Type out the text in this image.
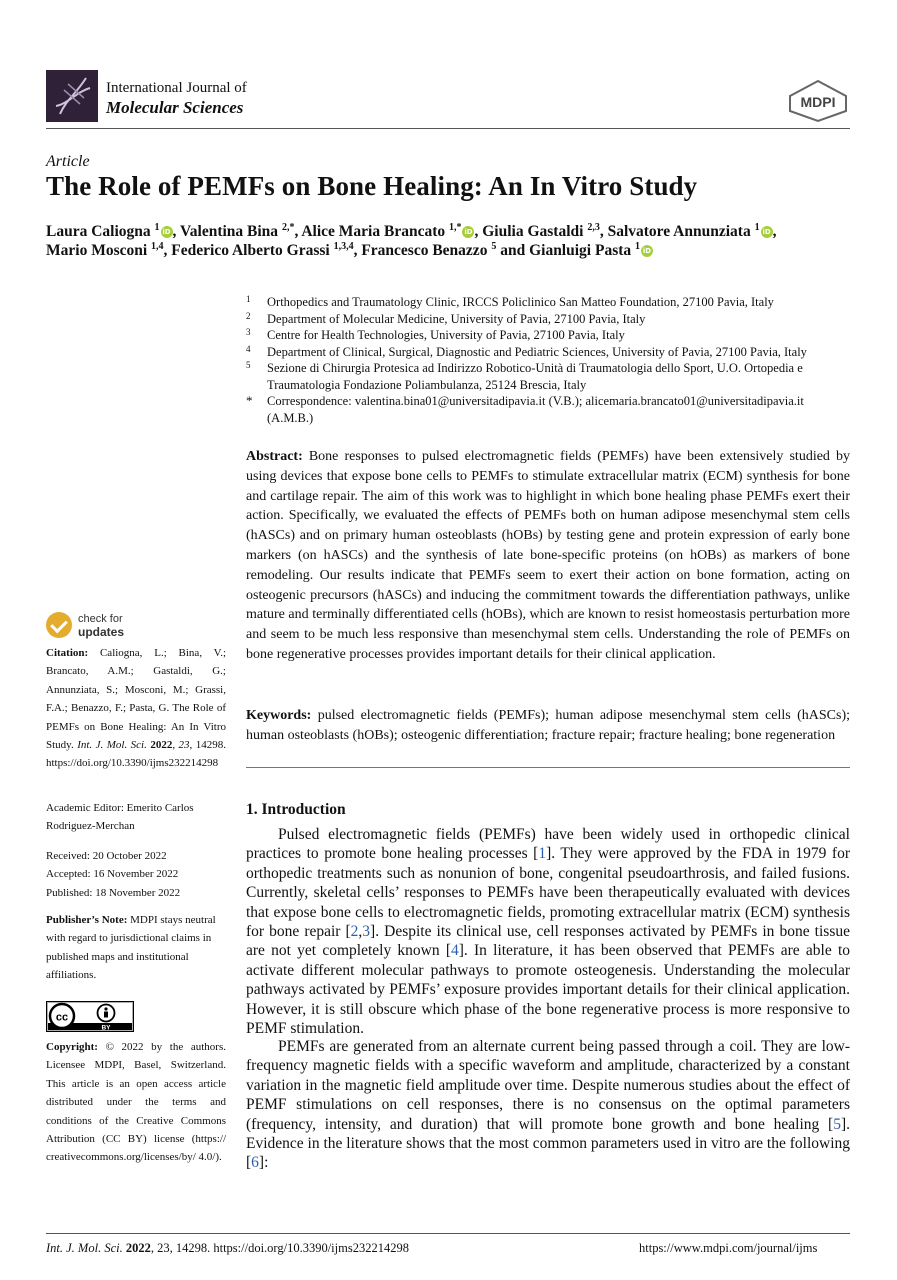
International Journal of
Molecular Sciences	MDPI
Article
The Role of PEMFs on Bone Healing: An In Vitro Study
Laura Caliogna $^1$ iD , Valentina Bina $^{2,*}$, Alice Maria Brancato $^{1,*}$ iD , Giulia Gastaldi $^{2,3}$, Salvatore Annunziata $^1$ iD ,
Mario Mosconi $^{1,4}$, Federico Alberto Grassi $^{1,3,4}$, Francesco Benazzo $^5$ and Gianluigi Pasta $^1$ iD
1 Orthopedics and Traumatology Clinic, IRCCS Policlinico San Matteo Foundation, 27100 Pavia, Italy
2 Department of Molecular Medicine, University of Pavia, 27100 Pavia, Italy
3 Centre for Health Technologies, University of Pavia, 27100 Pavia, Italy
4 Department of Clinical, Surgical, Diagnostic and Pediatric Sciences, University of Pavia, 27100 Pavia, Italy
5 Sezione di Chirurgia Protesica ad Indirizzo Robotico-Unità di Traumatologia dello Sport, U.O. Ortopedia e Traumatologia Fondazione Poliambulanza, 25124 Brescia, Italy
* Correspondence: valentina.bina01@universitadipavia.it (V.B.); alicemaria.brancato01@universitadipavia.it (A.M.B.)
Abstract: Bone responses to pulsed electromagnetic fields (PEMFs) have been extensively studied by using devices that expose bone cells to PEMFs to stimulate extracellular matrix (ECM) synthesis for bone and cartilage repair. The aim of this work was to highlight in which bone healing phase PEMFs exert their action. Specifically, we evaluated the effects of PEMFs both on human adipose mesenchymal stem cells (hASCs) and on primary human osteoblasts (hOBs) by testing gene and protein expression of early bone markers (on hASCs) and the synthesis of late bone-specific proteins (on hOBs) as markers of bone remodeling. Our results indicate that PEMFs seem to exert their action on bone formation, acting on osteogenic precursors (hASCs) and inducing the commitment towards the differentiation pathways, unlike mature and terminally differentiated cells (hOBs), which are known to resist homeostasis perturbation more and seem to be much less responsive than mesenchymal stem cells. Understanding the role of PEMFs on bone regenerative processes provides important details for their clinical application.
Keywords: pulsed electromagnetic fields (PEMFs); human adipose mesenchymal stem cells (hASCs); human osteoblasts (hOBs); osteogenic differentiation; fracture repair; fracture healing; bone regeneration
1. Introduction
Pulsed electromagnetic fields (PEMFs) have been widely used in orthopedic clinical practices to promote bone healing processes [1]. They were approved by the FDA in 1979 for orthopedic treatments such as nonunion of bone, congenital pseudoarthrosis, and failed fusions. Currently, skeletal cells’ responses to PEMFs have been therapeutically evaluated with devices that expose bone cells to electromagnetic fields, promoting extracellular matrix (ECM) synthesis for bone repair [2,3]. Despite its clinical use, cell responses activated by PEMFs in bone tissue are not yet completely known [4]. In literature, it has been observed that PEMFs are able to activate different molecular pathways to promote osteogenesis. Understanding the molecular pathways activated by PEMFs’ exposure provides important details for their clinical application. However, it is still obscure which phase of the bone regenerative process is more responsive to PEMF stimulation.
PEMFs are generated from an alternate current being passed through a coil. They are low-frequency magnetic fields with a specific waveform and amplitude, characterized by a constant variation in the magnetic field amplitude over time. Despite numerous studies about the effect of PEMF stimulations on cell responses, there is no consensus on the optimal parameters (frequency, intensity, and duration) that will promote bone growth and bone healing [5]. Evidence in the literature shows that the most common parameters used in vitro are the following [6]:
check for
updates
Citation: Caliogna, L.; Bina, V.; Brancato, A.M.; Gastaldi, G.; Annunziata, S.; Mosconi, M.; Grassi, F.A.; Benazzo, F.; Pasta, G. The Role of PEMFs on Bone Healing: An In Vitro Study. Int. J. Mol. Sci. 2022, 23, 14298. https://doi.org/10.3390/ijms232214298
Academic Editor: Emerito Carlos Rodriguez-Merchan
Received: 20 October 2022
Accepted: 16 November 2022
Published: 18 November 2022
Publisher’s Note: MDPI stays neutral with regard to jurisdictional claims in published maps and institutional affiliations.
cc
BY
Copyright: © 2022 by the authors. Licensee MDPI, Basel, Switzerland. This article is an open access article distributed under the terms and conditions of the Creative Commons Attribution (CC BY) license (https:// creativecommons.org/licenses/by/ 4.0/).
Int. J. Mol. Sci. 2022, 23, 14298. https://doi.org/10.3390/ijms232214298	https://www.mdpi.com/journal/ijms
